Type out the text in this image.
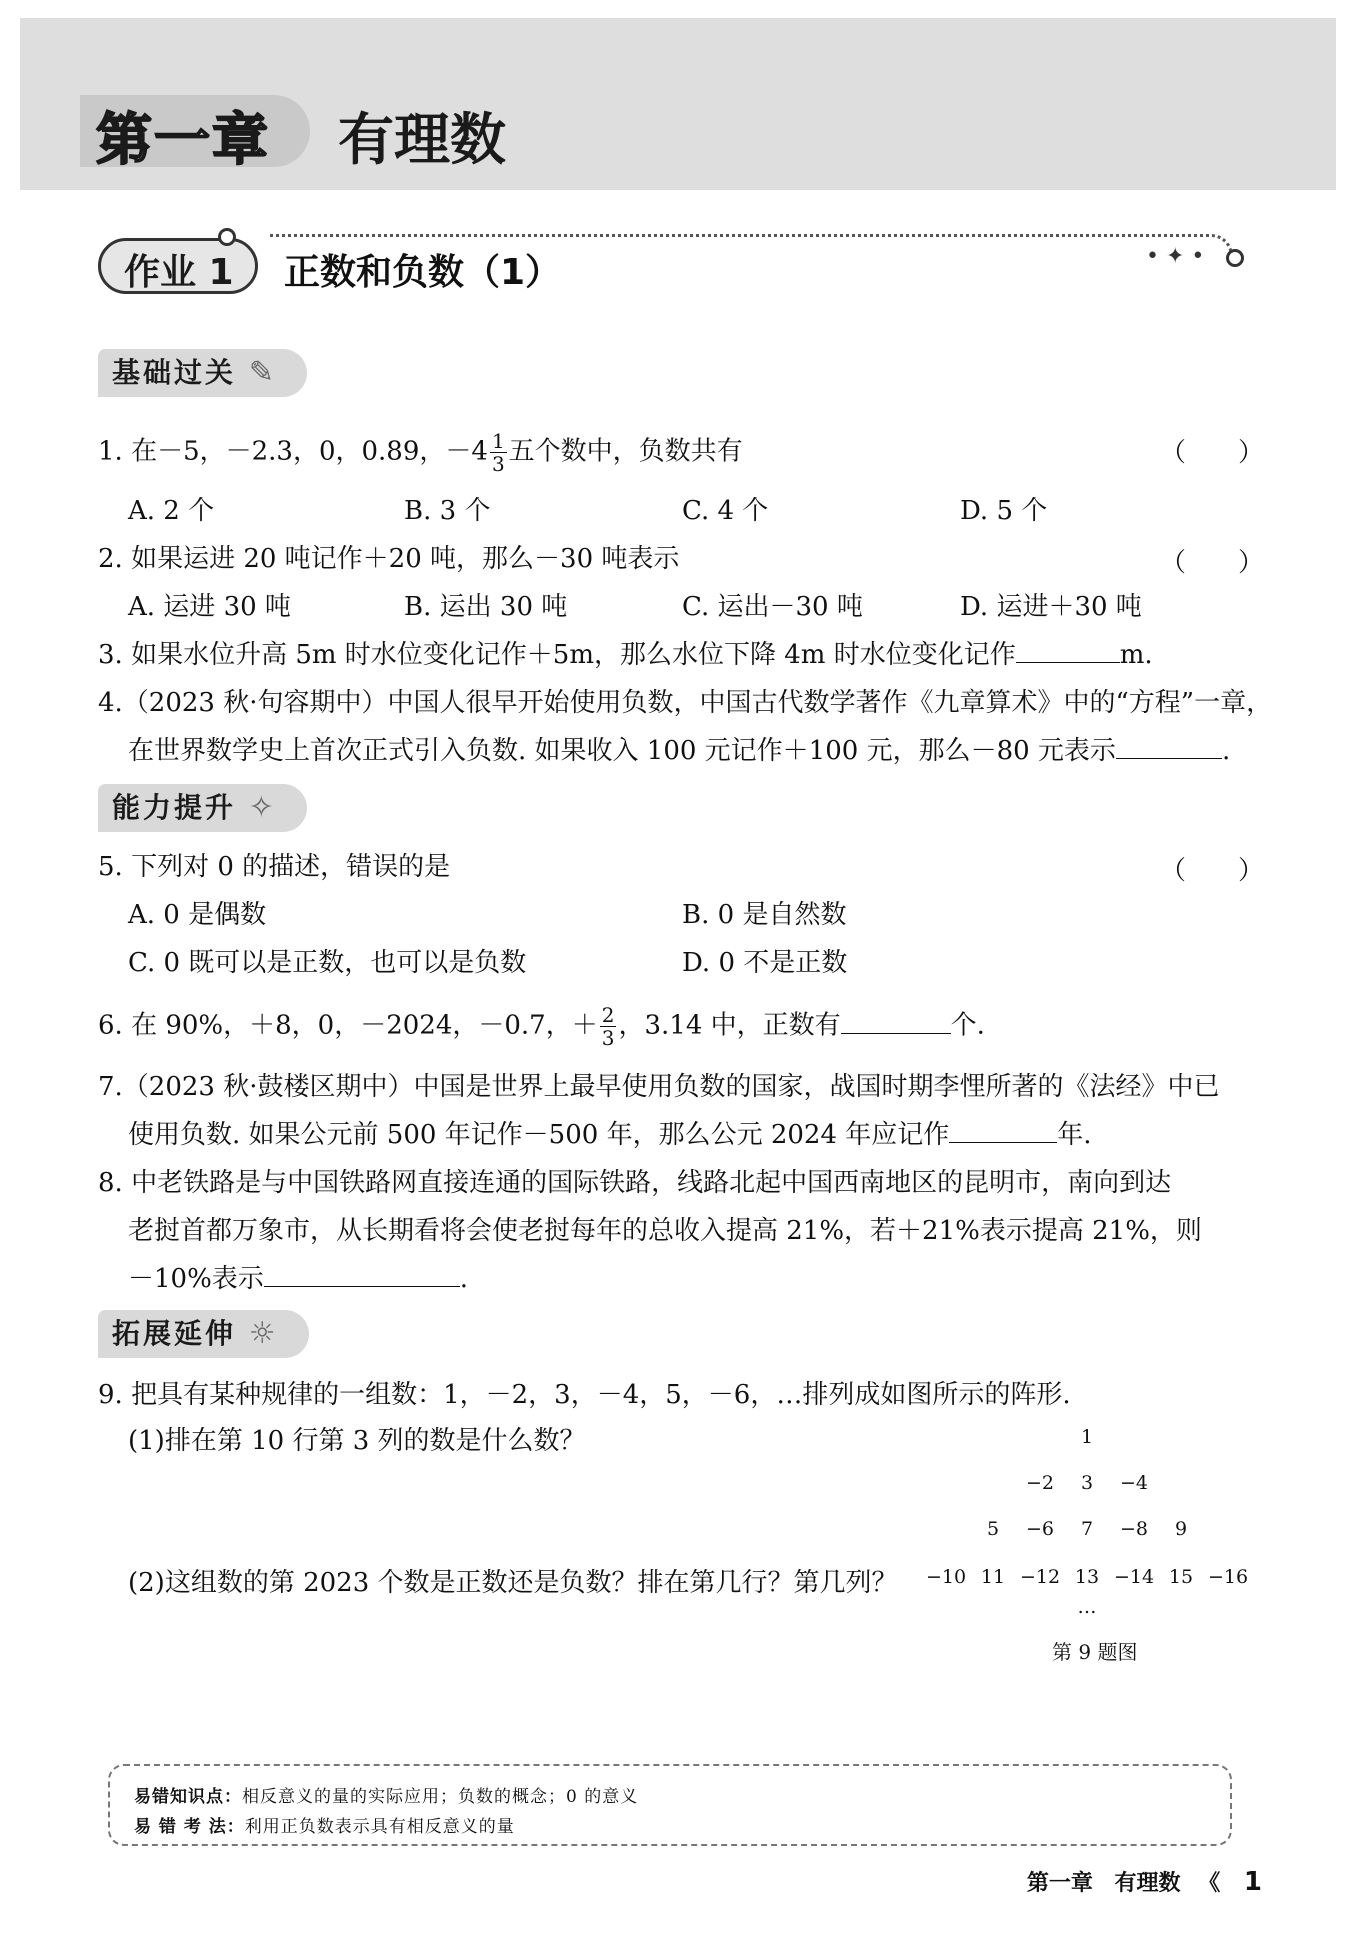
第一章 有理数
作业 1 正数和负数（1）	• ✦ •
基础过关 ✎
1. 在－5，－2.3，0，0.89，$-4 \frac{1}{3}$ 五个数中，负数共有	（　　）
A. 2 个	B. 3 个	C. 4 个	D. 5 个
2. 如果运进 20 吨记作＋20 吨，那么－30 吨表示	（　　）
A. 运进 30 吨	B. 运出 30 吨	C. 运出－30 吨	D. 运进＋30 吨
3. 如果水位升高 5m 时水位变化记作＋5m，那么水位下降 4m 时水位变化记作	m.
4.（2023 秋·句容期中）中国人很早开始使用负数，中国古代数学著作《九章算术》中的“方程”一章，
在世界数学史上首次正式引入负数. 如果收入 100 元记作＋100 元，那么－80 元表示	.
能力提升 ✧
5. 下列对 0 的描述，错误的是	（　　）
A. 0 是偶数	B. 0 是自然数
C. 0 既可以是正数，也可以是负数	D. 0 不是正数
6. 在 90%，＋8，0，－2024，－0.7，＋ $\frac{2}{3}$ ，3.14 中，正数有	个.
7.（2023 秋·鼓楼区期中）中国是世界上最早使用负数的国家，战国时期李悝所著的《法经》中已
使用负数. 如果公元前 500 年记作－500 年，那么公元 2024 年应记作	年.
8. 中老铁路是与中国铁路网直接连通的国际铁路，线路北起中国西南地区的昆明市，南向到达
老挝首都万象市，从长期看将会使老挝每年的总收入提高 21%，若＋21%表示提高 21%，则
－10%表示	.
拓展延伸 ☼
9. 把具有某种规律的一组数：1，－2，3，－4，5，－6，…排列成如图所示的阵形.
(1)排在第 10 行第 3 列的数是什么数？
(2)这组数的第 2023 个数是正数还是负数？排在第几行？第几列？
1
−2	3	−4
5	−6	7	−8	9
−10 11 −12 13 −14 15 −16
…
第 9 题图
易错知识点：相反意义的量的实际应用；负数的概念；0 的意义
易 错 考 法：利用正负数表示具有相反意义的量
第一章 有理数 《 1
